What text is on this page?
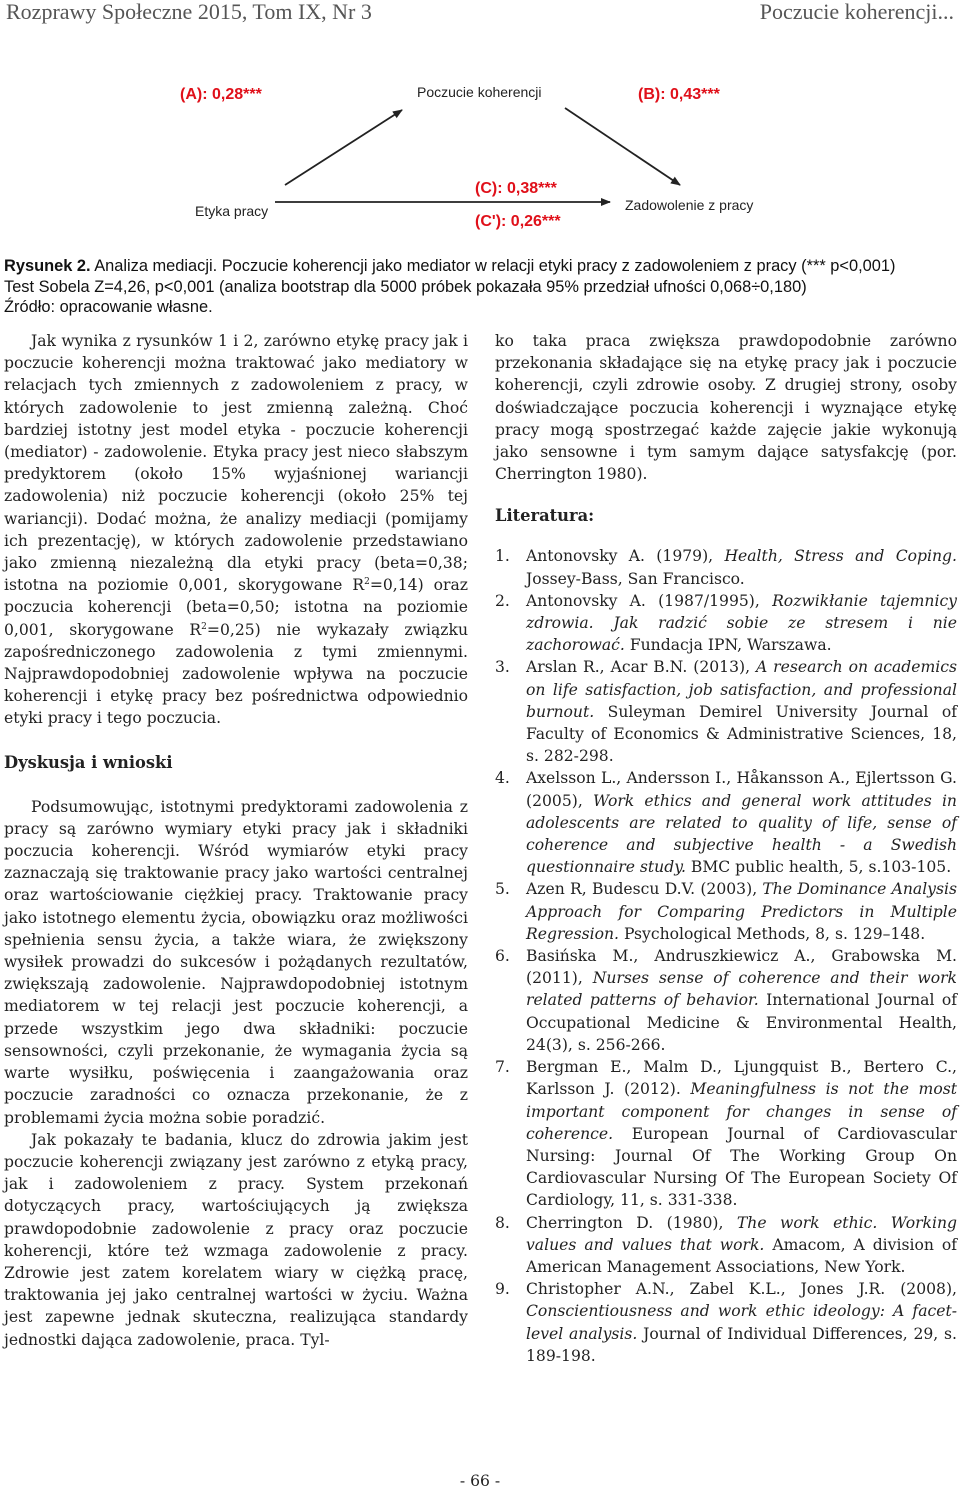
Rozprawy Społeczne 2015, Tom IX, Nr 3	Poczucie koherencji...
(A): 0,28***	Poczucie koherencji	(B): 0,43***
(C): 0,38***
Etyka pracy	Zadowolenie z pracy
(C'): 0,26***
Rysunek 2. Analiza mediacji. Poczucie koherencji jako mediator w relacji etyki pracy z zadowoleniem z pracy (*** p<0,001)
Test Sobela Z=4,26, p<0,001 (analiza bootstrap dla 5000 próbek pokazała 95% przedział ufności 0,068÷0,180)
Źródło: opracowanie własne.

Jak wynika z rysunków 1 i 2, zarówno etykę pracy jak i poczucie koherencji można traktować jako mediatory w relacjach tych zmiennych z zadowoleniem z pracy, w których zadowolenie to jest zmienną zależną. Choć bardziej istotny jest model etyka - poczucie koherencji (mediator) - zadowolenie. Etyka pracy jest nieco słabszym predyktorem (około 15% wyjaśnionej wariancji zadowolenia) niż poczucie koherencji (około 25% tej wariancji). Dodać można, że analizy mediacji (pomijamy ich prezentację), w których zadowolenie przedstawiano jako zmienną niezależną dla etyki pracy (beta=0,38; istotna na poziomie 0,001, skorygowane $R^2=0,14$) oraz poczucia koherencji (beta=0,50; istotna na poziomie 0,001, skorygowane $R^2=0,25$) nie wykazały związku zapośredniczonego zadowolenia z tymi zmiennymi. Najprawdopodobniej zadowolenie wpływa na poczucie koherencji i etykę pracy bez pośrednictwa odpowiednio etyki pracy i tego poczucia.

Dyskusja i wnioski

Podsumowując, istotnymi predyktorami zadowolenia z pracy są zarówno wymiary etyki pracy jak i składniki poczucia koherencji. Wśród wymiarów etyki pracy zaznaczają się traktowanie pracy jako wartości centralnej oraz wartościowanie ciężkiej pracy. Traktowanie pracy jako istotnego elementu życia, obowiązku oraz możliwości spełnienia sensu życia, a także wiara, że zwiększony wysiłek prowadzi do sukcesów i pożądanych rezultatów, zwiększają zadowolenie. Najprawdopodobniej istotnym mediatorem w tej relacji jest poczucie koherencji, a przede wszystkim jego dwa składniki: poczucie sensowności, czyli przekonanie, że wymagania życia są warte wysiłku, poświęcenia i zaangażowania oraz poczucie zaradności co oznacza przekonanie, że z problemami życia można sobie poradzić.

Jak pokazały te badania, klucz do zdrowia jakim jest poczucie koherencji związany jest zarówno z etyką pracy, jak i zadowoleniem z pracy. System przekonań dotyczących pracy, wartościujących ją zwiększa prawdopodobnie zadowolenie z pracy oraz poczucie koherencji, które też wzmaga zadowolenie z pracy. Zdrowie jest zatem korelatem wiary w ciężką pracę, traktowania jej jako centralnej wartości w życiu. Ważna jest zapewne jednak skuteczna, realizująca standardy jednostki dająca zadowolenie, praca. Tyl-

ko taka praca zwiększa prawdopodobnie zarówno przekonania składające się na etykę pracy jak i poczucie koherencji, czyli zdrowie osoby. Z drugiej strony, osoby doświadczające poczucia koherencji i wyznające etykę pracy mogą spostrzegać każde zajęcie jakie wykonują jako sensowne i tym samym dające satysfakcję (por. Cherrington 1980).

Literatura:
1. Antonovsky A. (1979), Health, Stress and Coping. Jossey-Bass, San Francisco.
2. Antonovsky A. (1987/1995), Rozwikłanie tajemnicy zdrowia. Jak radzić sobie ze stresem i nie zachorować. Fundacja IPN, Warszawa.
3. Arslan R., Acar B.N. (2013), A research on academics on life satisfaction, job satisfaction, and professional burnout. Suleyman Demirel University Journal of Faculty of Economics & Administrative Sciences, 18, s. 282-298.
4. Axelsson L., Andersson I., Håkansson A., Ejlertsson G. (2005), Work ethics and general work attitudes in adolescents are related to quality of life, sense of coherence and subjective health - a Swedish questionnaire study. BMC public health, 5, s.103-105.
5. Azen R, Budescu D.V. (2003), The Dominance Analysis Approach for Comparing Predictors in Multiple Regression. Psychological Methods, 8, s. 129–148.
6. Basińska M., Andruszkiewicz A., Grabowska M. (2011), Nurses sense of coherence and their work related patterns of behavior. International Journal of Occupational Medicine & Environmental Health, 24(3), s. 256-266.
7. Bergman E., Malm D., Ljungquist B., Bertero C., Karlsson J. (2012). Meaningfulness is not the most important component for changes in sense of coherence. European Journal of Cardiovascular Nursing: Journal Of The Working Group On Cardiovascular Nursing Of The European Society Of Cardiology, 11, s. 331-338.
8. Cherrington D. (1980), The work ethic. Working values and values that work. Amacom, A division of American Management Associations, New York.
9. Christopher A.N., Zabel K.L., Jones J.R. (2008), Conscientiousness and work ethic ideology: A facet-level analysis. Journal of Individual Differences, 29, s. 189-198.
- 66 -
